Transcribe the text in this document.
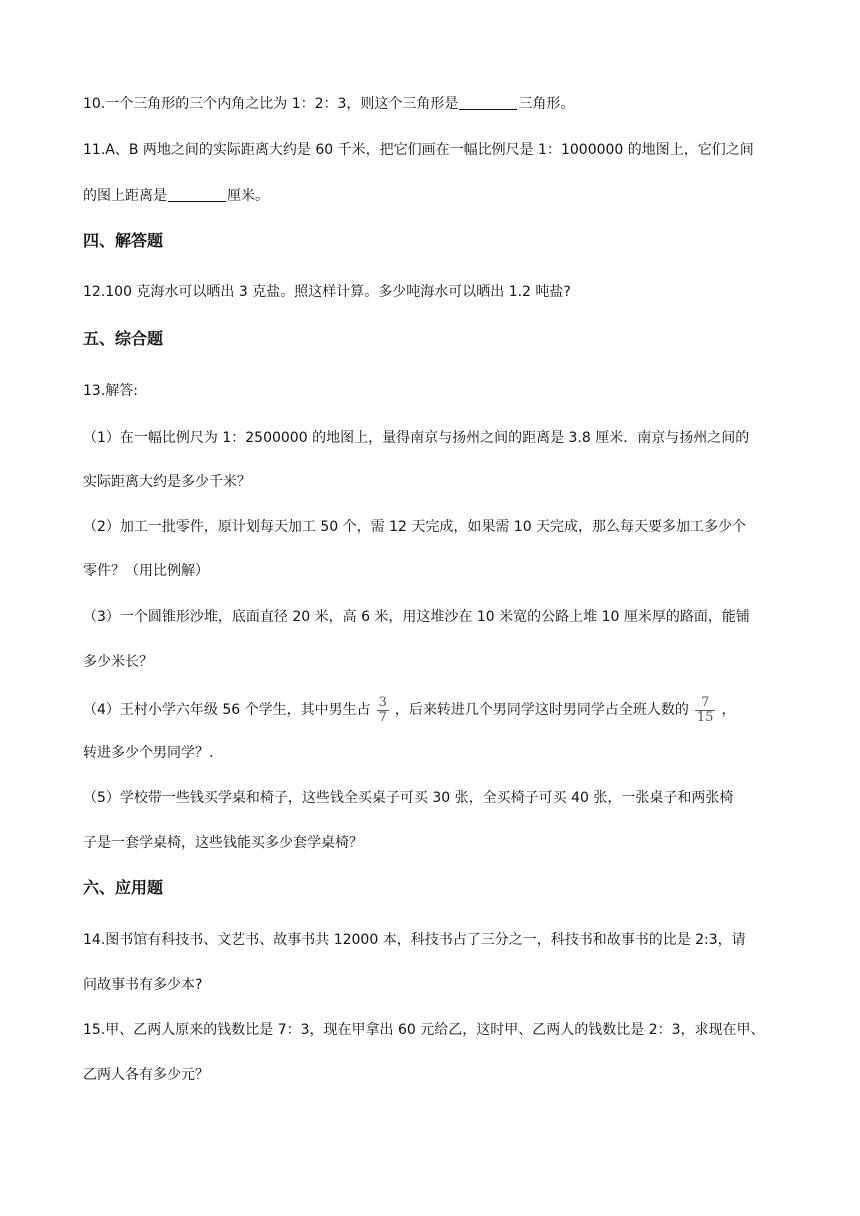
10.一个三角形的三个内角之比为 1：2：3，则这个三角形是	三角形。
11.A、B 两地之间的实际距离大约是 60 千米，把它们画在一幅比例尺是 1：1000000 的地图上，它们之间
的图上距离是	厘米。
四、解答题
12.100 克海水可以晒出 3 克盐。照这样计算。多少吨海水可以晒出 1.2 吨盐?
五、综合题
13.解答:
（1）在一幅比例尺为 1：2500000 的地图上，量得南京与扬州之间的距离是 3.8 厘米．南京与扬州之间的
实际距离大约是多少千米？
（2）加工一批零件，原计划每天加工 50 个，需 12 天完成，如果需 10 天完成，那么每天要多加工多少个
零件？（用比例解）
（3）一个圆锥形沙堆，底面直径 20 米，高 6 米，用这堆沙在 10 米宽的公路上堆 10 厘米厚的路面，能铺
多少米长？
（4）王村小学六年级 56 个学生，其中男生占 $\frac{3}{7}$ ，后来转进几个男同学这时男同学占全班人数的 $\frac{7}{15}$ ，
转进多少个男同学？.
（5）学校带一些钱买学桌和椅子，这些钱全买桌子可买 30 张，全买椅子可买 40 张，一张桌子和两张椅
子是一套学桌椅，这些钱能买多少套学桌椅？
六、应用题
14.图书馆有科技书、文艺书、故事书共 12000 本，科技书占了三分之一，科技书和故事书的比是 2:3，请
问故事书有多少本?
15.甲、乙两人原来的钱数比是 7：3，现在甲拿出 60 元给乙，这时甲、乙两人的钱数比是 2：3，求现在甲、
乙两人各有多少元？
